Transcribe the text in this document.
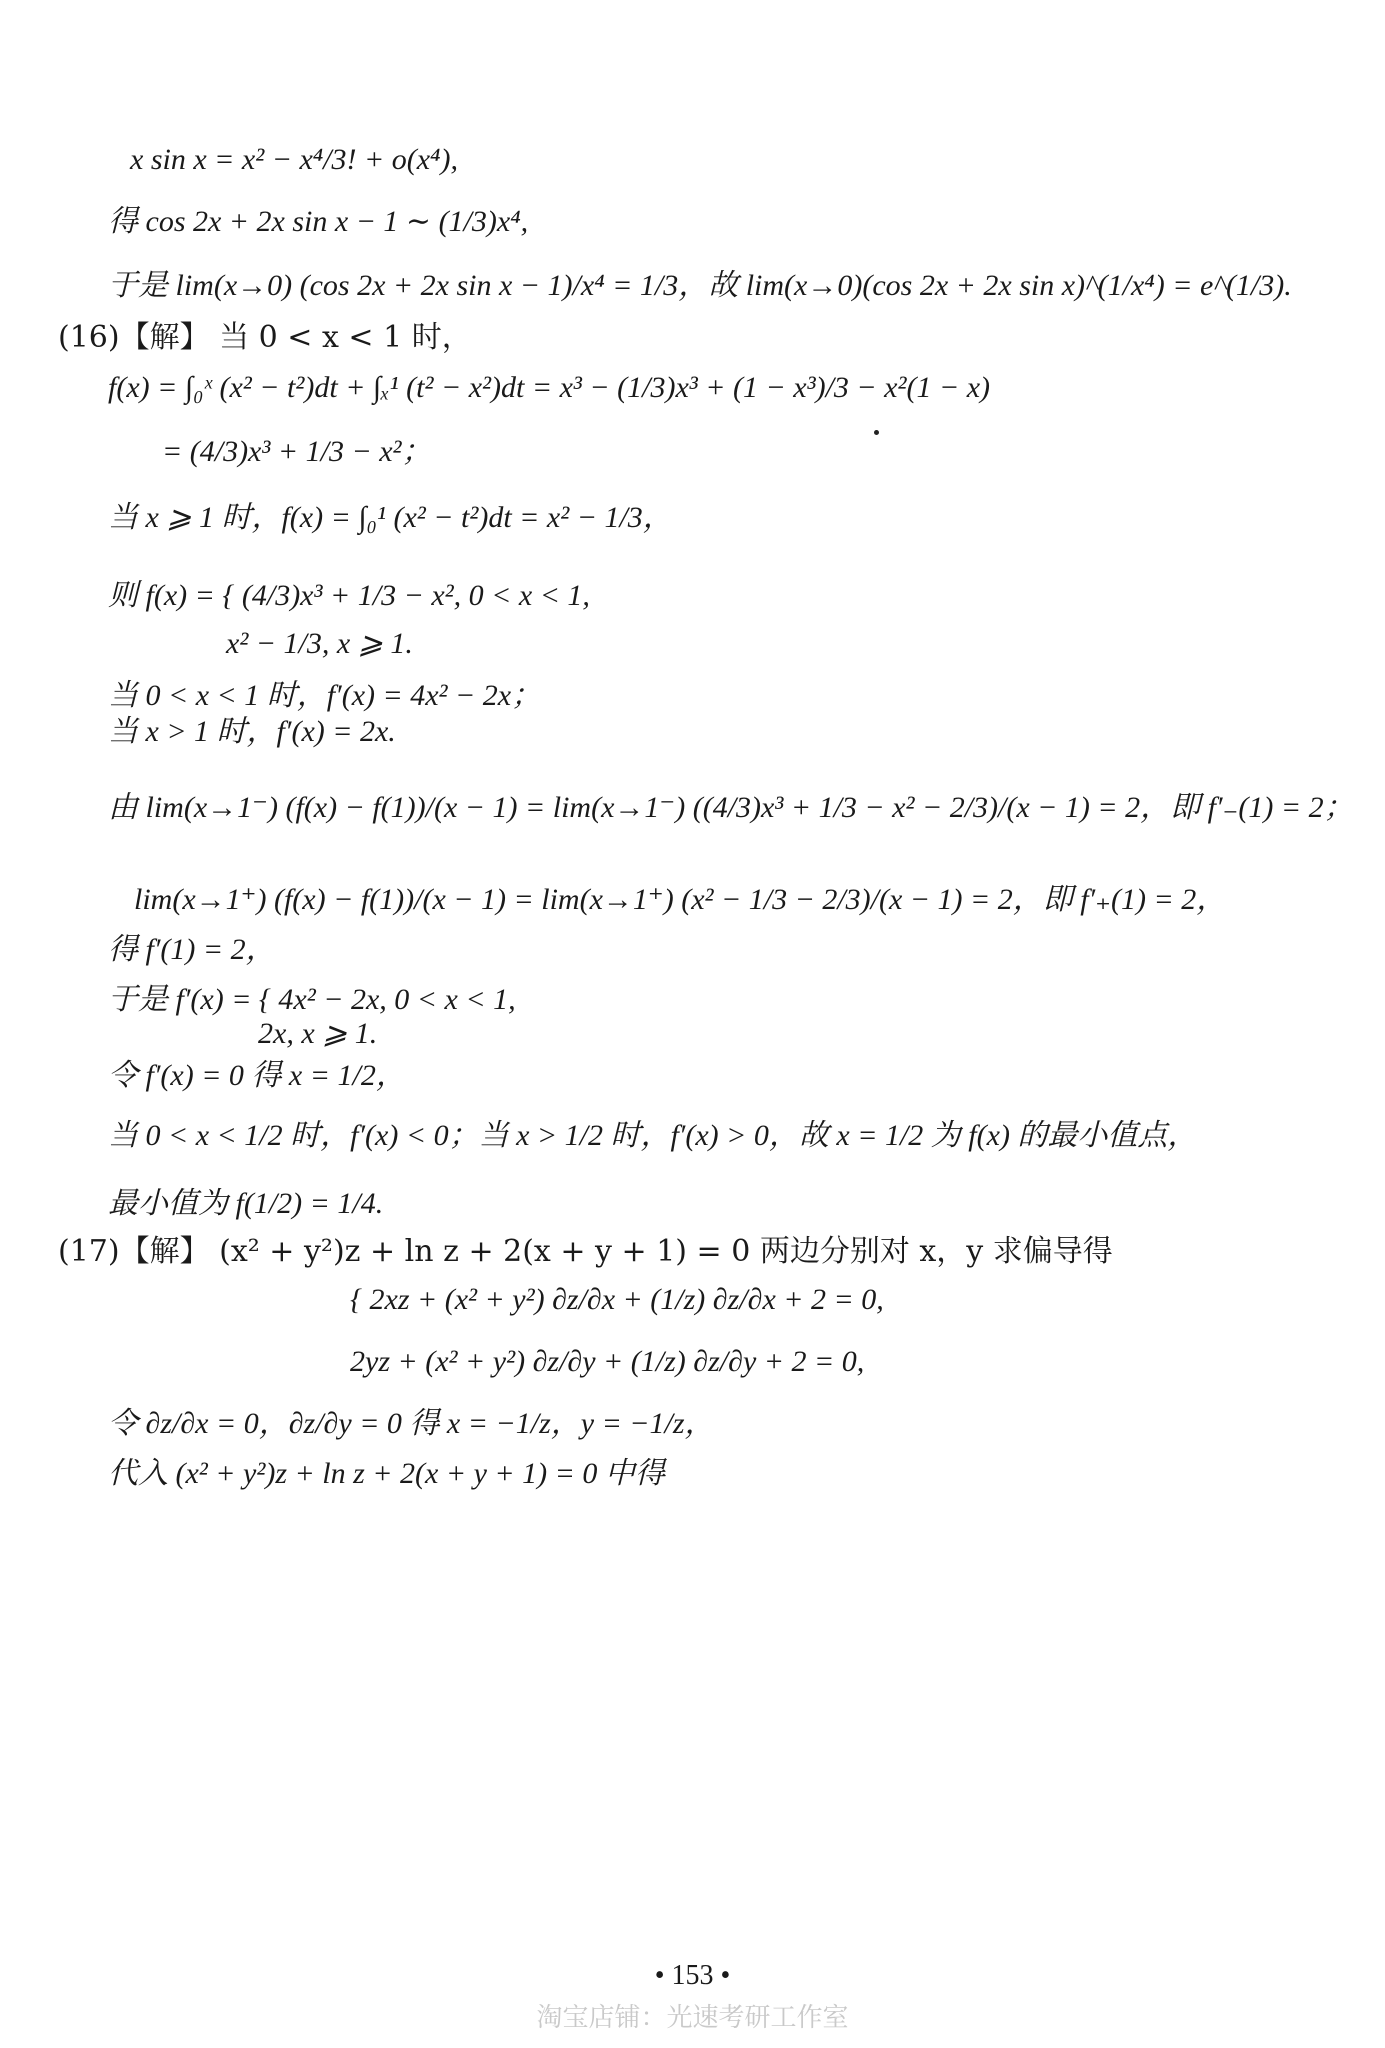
x sin x = x² − x⁴/3! + o(x⁴),
得 cos 2x + 2x sin x − 1 ∼ (1/3)x⁴,
于是 lim(x→0) (cos 2x + 2x sin x − 1)/x⁴ = 1/3，故 lim(x→0)(cos 2x + 2x sin x)^(1/x⁴) = e^(1/3).
(16)【解】 当 0 < x < 1 时，
f(x) = ∫₀ˣ (x² − t²)dt + ∫ₓ¹ (t² − x²)dt = x³ − (1/3)x³ + (1 − x³)/3 − x²(1 − x)
= (4/3)x³ + 1/3 − x²；
当 x ⩾ 1 时，f(x) = ∫₀¹ (x² − t²)dt = x² − 1/3，
则 f(x) = { (4/3)x³ + 1/3 − x², 0 < x < 1,
x² − 1/3, x ⩾ 1.
当 0 < x < 1 时，f′(x) = 4x² − 2x；
当 x > 1 时，f′(x) = 2x.
由 lim(x→1⁻) (f(x) − f(1))/(x − 1) = lim(x→1⁻) ((4/3)x³ + 1/3 − x² − 2/3)/(x − 1) = 2，即 f′₋(1) = 2；
lim(x→1⁺) (f(x) − f(1))/(x − 1) = lim(x→1⁺) (x² − 1/3 − 2/3)/(x − 1) = 2，即 f′₊(1) = 2，
得 f′(1) = 2，
于是 f′(x) = { 4x² − 2x, 0 < x < 1,
2x, x ⩾ 1.
令 f′(x) = 0 得 x = 1/2，
当 0 < x < 1/2 时，f′(x) < 0；当 x > 1/2 时，f′(x) > 0，故 x = 1/2 为 f(x) 的最小值点，
最小值为 f(1/2) = 1/4.
(17)【解】 (x² + y²)z + ln z + 2(x + y + 1) = 0 两边分别对 x，y 求偏导得
{ 2xz + (x² + y²) ∂z/∂x + (1/z) ∂z/∂x + 2 = 0,
2yz + (x² + y²) ∂z/∂y + (1/z) ∂z/∂y + 2 = 0,
令 ∂z/∂x = 0，∂z/∂y = 0 得 x = −1/z，y = −1/z，
代入 (x² + y²)z + ln z + 2(x + y + 1) = 0 中得
• 153 •
淘宝店铺：光速考研工作室
